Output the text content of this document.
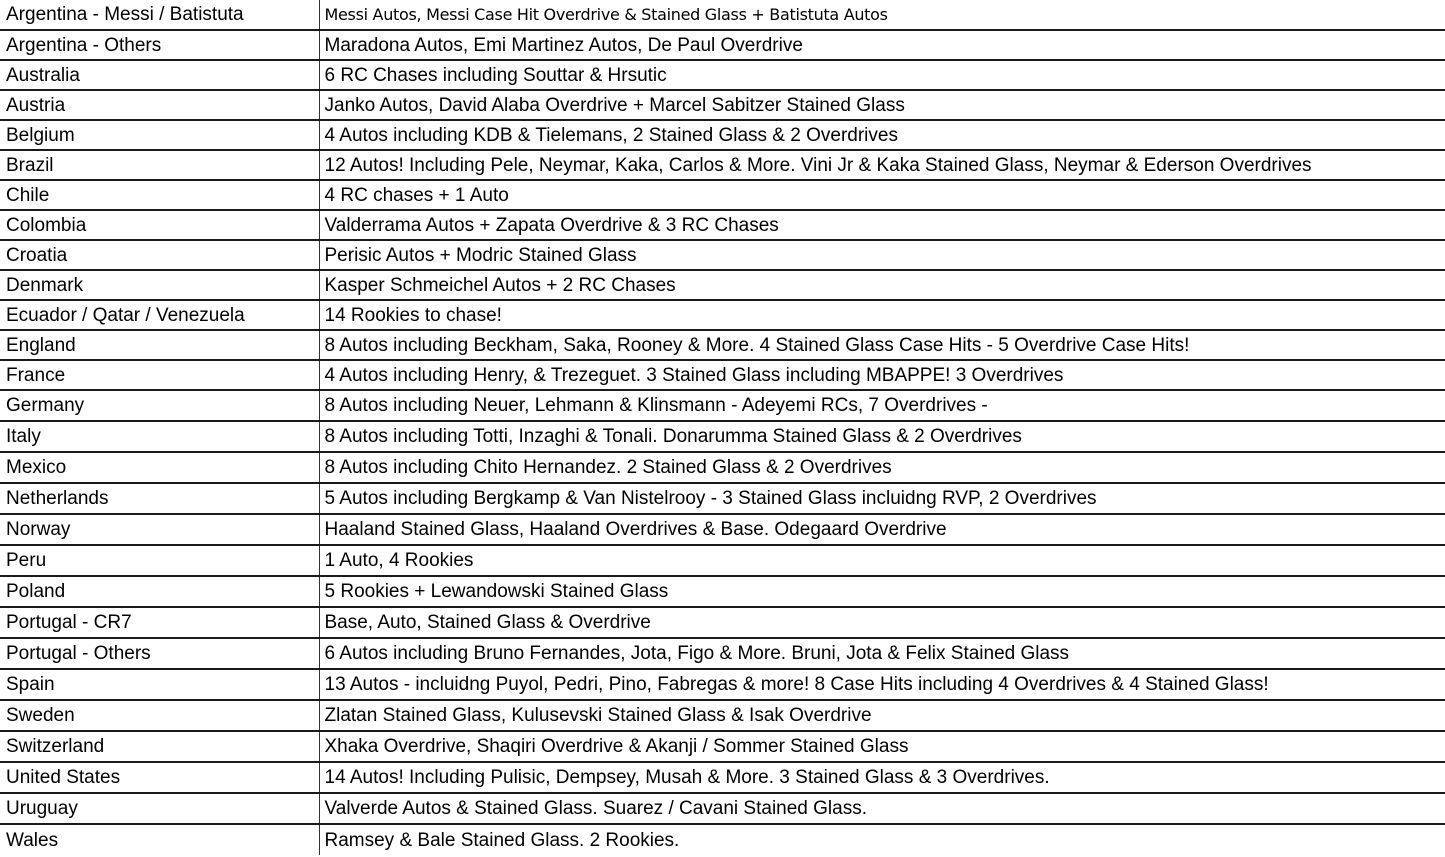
Argentina - Messi / Batistuta	Messi Autos, Messi Case Hit Overdrive & Stained Glass + Batistuta Autos
Argentina - Others	Maradona Autos, Emi Martinez Autos, De Paul Overdrive
Australia	6 RC Chases including Souttar & Hrsutic
Austria	Janko Autos, David Alaba Overdrive + Marcel Sabitzer Stained Glass
Belgium	4 Autos including KDB & Tielemans, 2 Stained Glass & 2 Overdrives
Brazil	12 Autos! Including Pele, Neymar, Kaka, Carlos & More. Vini Jr & Kaka Stained Glass, Neymar & Ederson Overdrives
Chile	4 RC chases + 1 Auto
Colombia	Valderrama Autos + Zapata Overdrive & 3 RC Chases
Croatia	Perisic Autos + Modric Stained Glass
Denmark	Kasper Schmeichel Autos + 2 RC Chases
Ecuador / Qatar / Venezuela	14 Rookies to chase!
England	8 Autos including Beckham, Saka, Rooney & More. 4 Stained Glass Case Hits - 5 Overdrive Case Hits!
France	4 Autos including Henry, & Trezeguet. 3 Stained Glass including MBAPPE! 3 Overdrives
Germany	8 Autos including Neuer, Lehmann & Klinsmann - Adeyemi RCs, 7 Overdrives -
Italy	8 Autos including Totti, Inzaghi & Tonali. Donarumma Stained Glass & 2 Overdrives
Mexico	8 Autos including Chito Hernandez. 2 Stained Glass & 2 Overdrives
Netherlands	5 Autos including Bergkamp & Van Nistelrooy - 3 Stained Glass incluidng RVP, 2 Overdrives
Norway	Haaland Stained Glass, Haaland Overdrives & Base. Odegaard Overdrive
Peru	1 Auto, 4 Rookies
Poland	5 Rookies + Lewandowski Stained Glass
Portugal - CR7	Base, Auto, Stained Glass & Overdrive
Portugal - Others	6 Autos including Bruno Fernandes, Jota, Figo & More. Bruni, Jota & Felix Stained Glass
Spain	13 Autos - incluidng Puyol, Pedri, Pino, Fabregas & more! 8 Case Hits including 4 Overdrives & 4 Stained Glass!
Sweden	Zlatan Stained Glass, Kulusevski Stained Glass & Isak Overdrive
Switzerland	Xhaka Overdrive, Shaqiri Overdrive & Akanji / Sommer Stained Glass
United States	14 Autos! Including Pulisic, Dempsey, Musah & More. 3 Stained Glass & 3 Overdrives.
Uruguay	Valverde Autos & Stained Glass. Suarez / Cavani Stained Glass.
Wales	Ramsey & Bale Stained Glass. 2 Rookies.
